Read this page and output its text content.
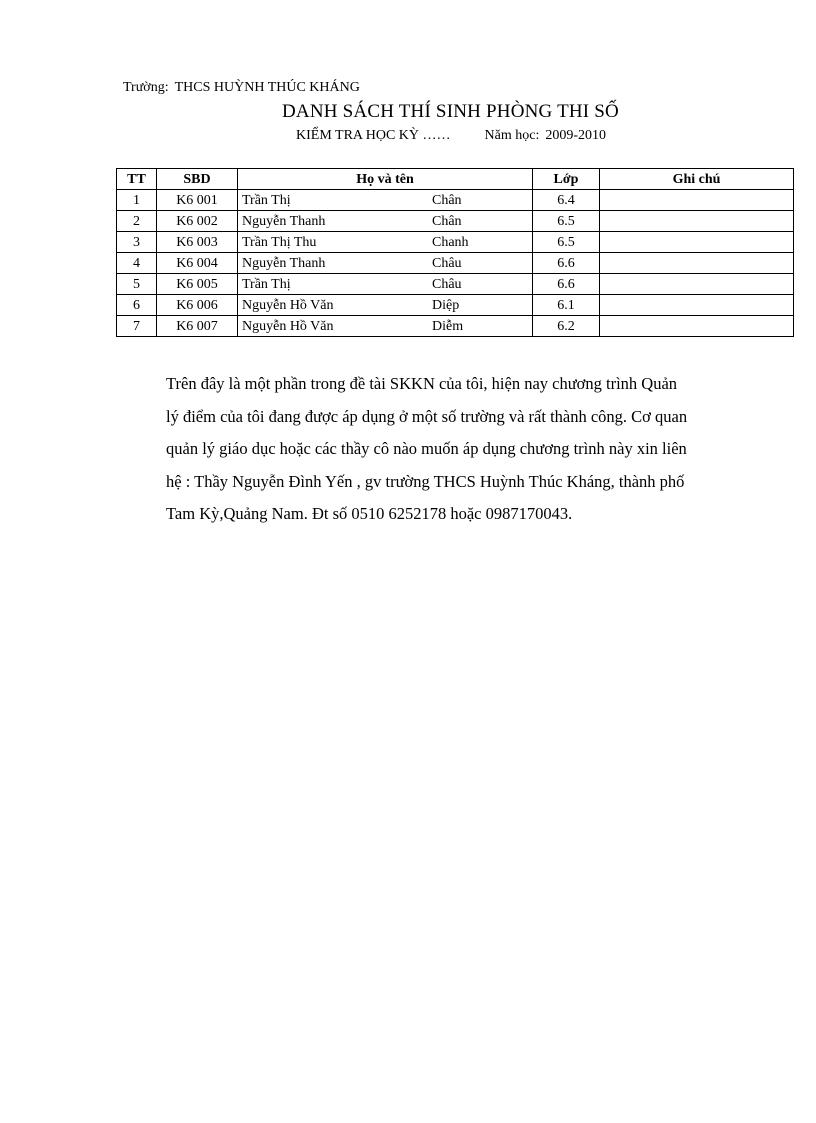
Trường: THCS HUỲNH THÚC KHÁNG
DANH SÁCH THÍ SINH PHÒNG THI SỐ
KIỂM TRA HỌC KỲ …… Năm học: 2009-2010
TT	SBD	Họ và tên	Lớp	Ghi chú
1	K6 001	Trần Thị Chân	6.4	
2	K6 002	Nguyễn Thanh Chân	6.5	
3	K6 003	Trần Thị Thu Chanh	6.5	
4	K6 004	Nguyễn Thanh Châu	6.6	
5	K6 005	Trần Thị Châu	6.6	
6	K6 006	Nguyễn Hồ Văn Diệp	6.1	
7	K6 007	Nguyễn Hồ Văn Diễm	6.2	
Trên đây là một phần trong đề tài SKKN của tôi, hiện nay chương trình Quản
lý điểm của tôi đang được áp dụng ở một số trường và rất thành công. Cơ quan
quản lý giáo dục hoặc các thầy cô nào muốn áp dụng chương trình này xin liên
hệ : Thầy Nguyễn Đình Yến , gv trường THCS Huỳnh Thúc Kháng, thành phố
Tam Kỳ,Quảng Nam. Đt số 0510 6252178 hoặc 0987170043.
